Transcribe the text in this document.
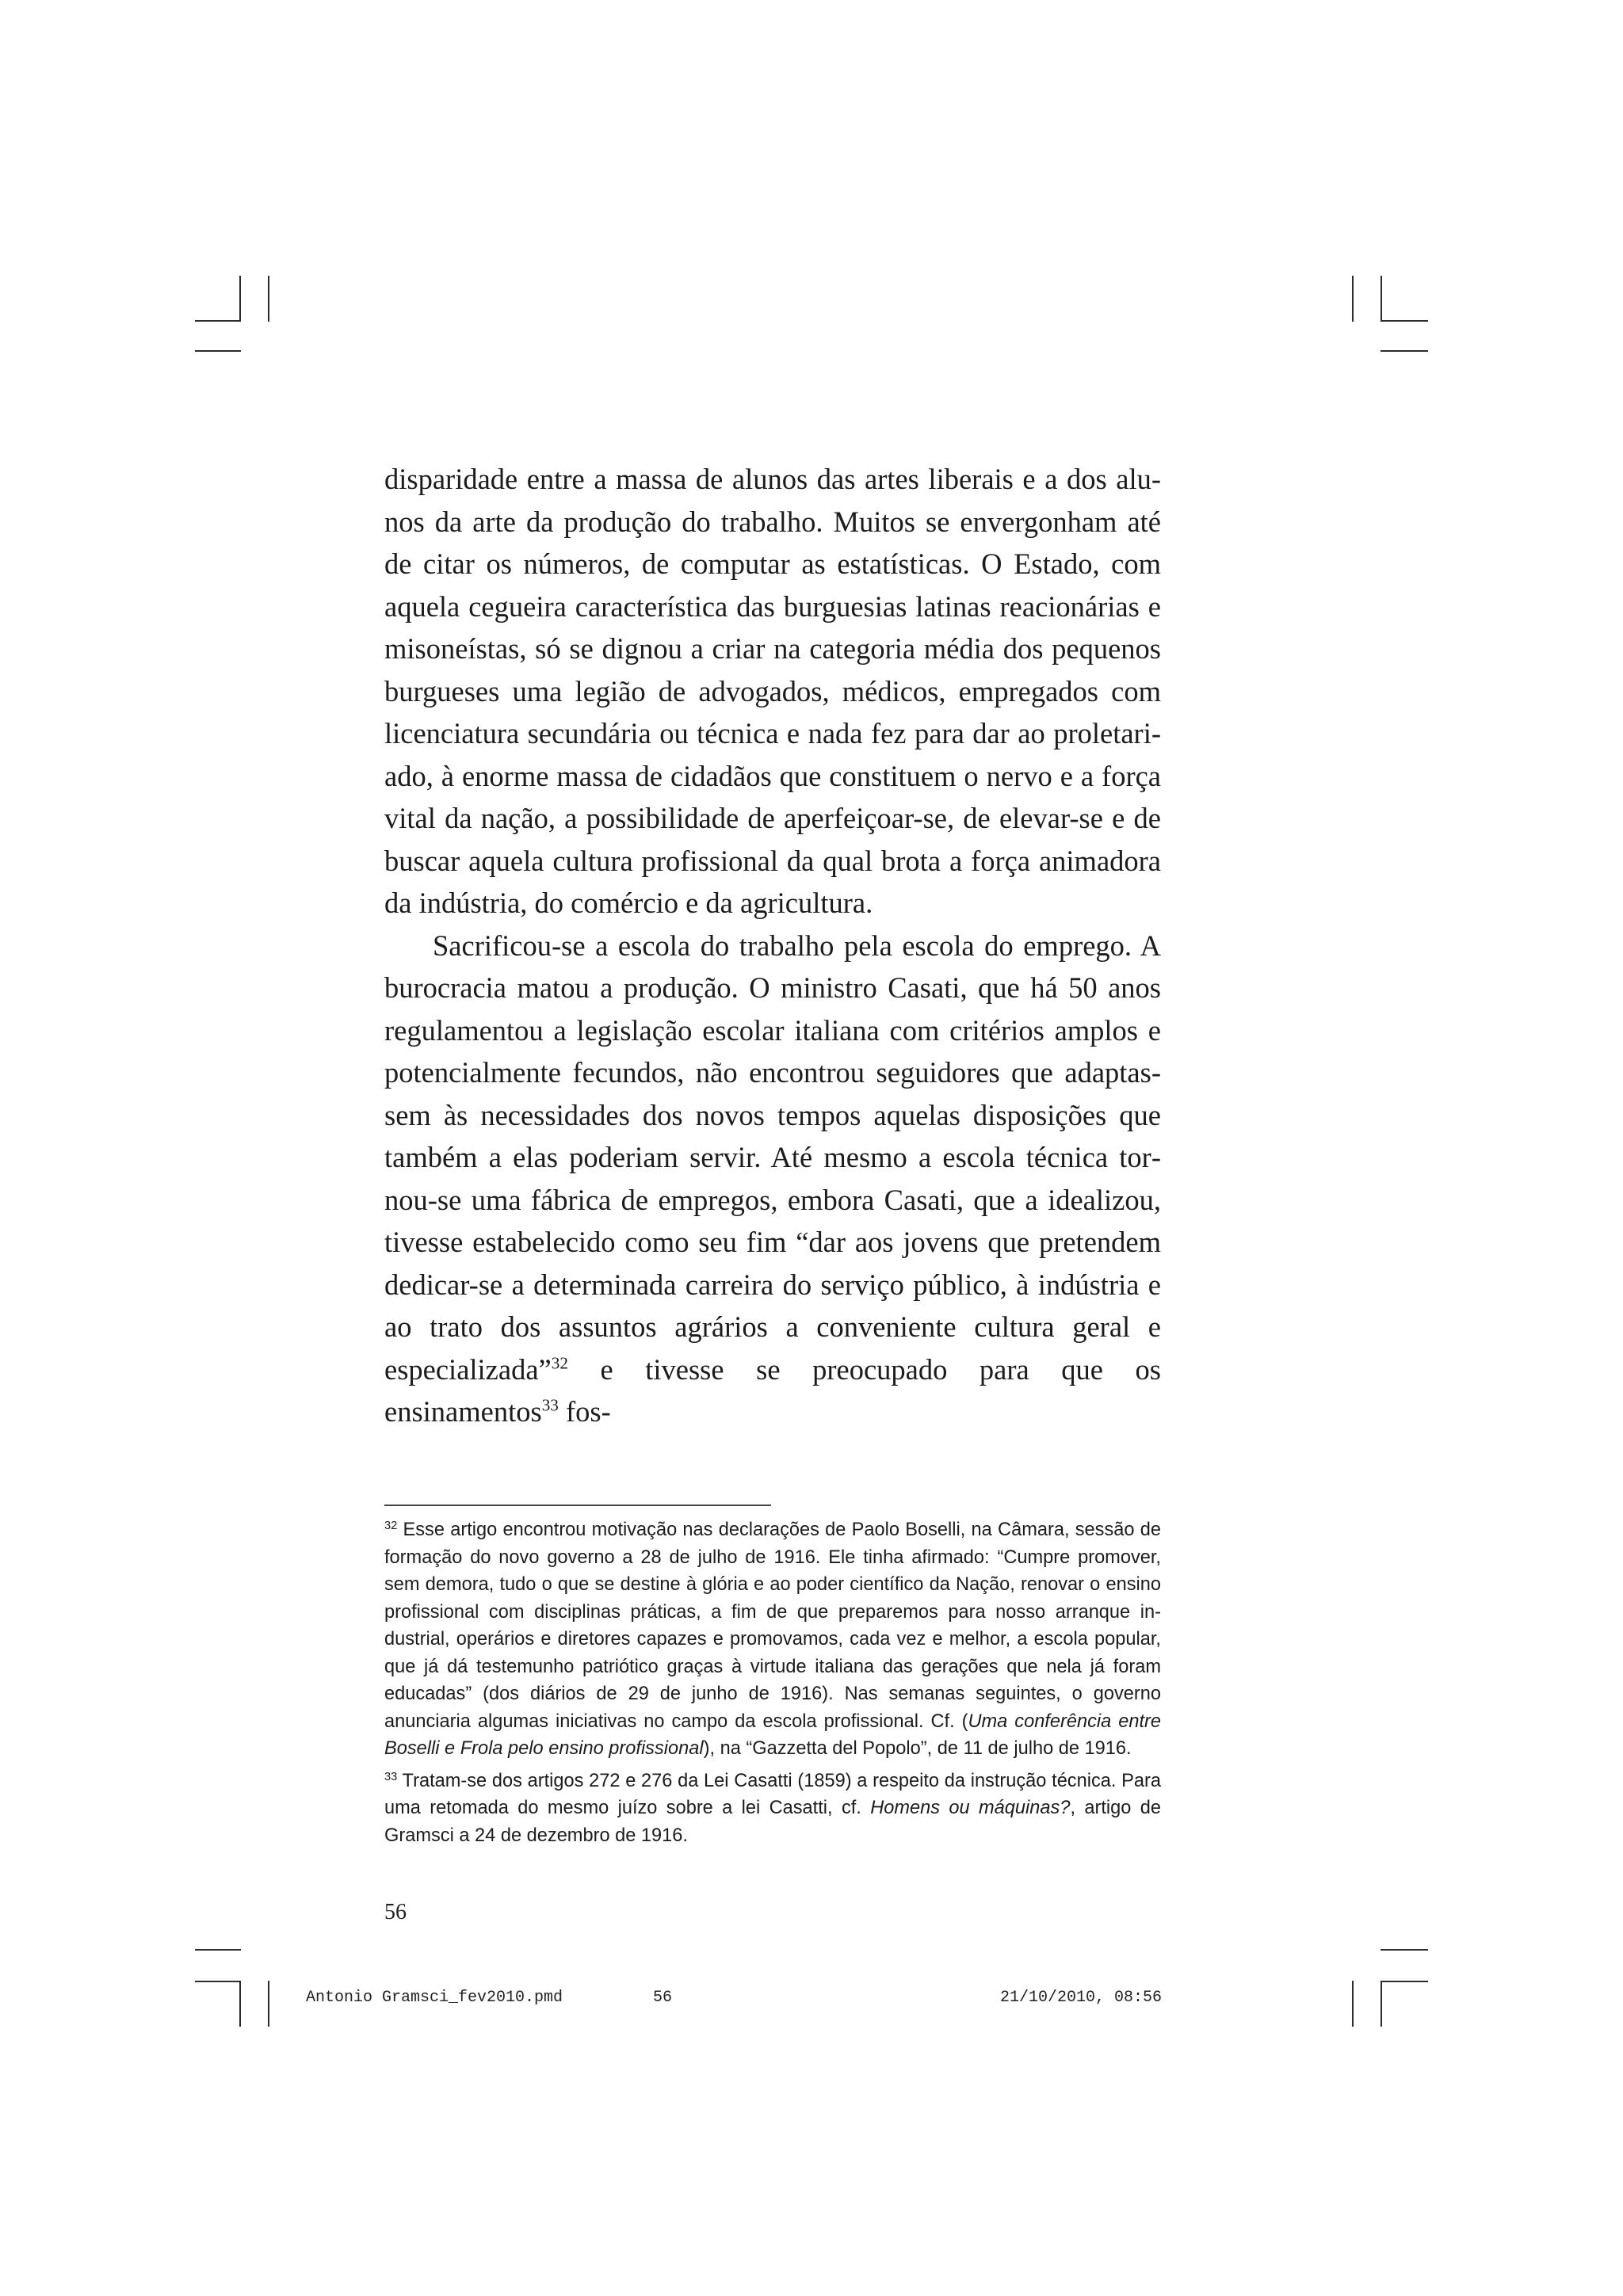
disparidade entre a massa de alunos das artes liberais e a dos alunos da arte da produção do trabalho. Muitos se envergonham até de citar os números, de computar as estatísticas. O Estado, com aquela cegueira característica das burguesias latinas reacionárias e misoneístas, só se dignou a criar na categoria média dos pequenos burgueses uma legião de advogados, médicos, empregados com licenciatura secundária ou técnica e nada fez para dar ao proletariado, à enorme massa de cidadãos que constituem o nervo e a força vital da nação, a possibilidade de aperfeiçoar-se, de elevar-se e de buscar aquela cultura profissional da qual brota a força animadora da indústria, do comércio e da agricultura.

Sacrificou-se a escola do trabalho pela escola do emprego. A burocracia matou a produção. O ministro Casati, que há 50 anos regulamentou a legislação escolar italiana com critérios amplos e potencialmente fecundos, não encontrou seguidores que adaptassem às necessidades dos novos tempos aquelas disposições que também a elas poderiam servir. Até mesmo a escola técnica tornou-se uma fábrica de empregos, embora Casati, que a idealizou, tivesse estabelecido como seu fim “dar aos jovens que pretendem dedicar-se a determinada carreira do serviço público, à indústria e ao trato dos assuntos agrários a conveniente cultura geral e especializada”$^{32}$ e tivesse se preocupado para que os ensinamentos$^{33}$ fos-

$^{32}$ Esse artigo encontrou motivação nas declarações de Paolo Boselli, na Câmara, sessão de formação do novo governo a 28 de julho de 1916. Ele tinha afirmado: “Cumpre promover, sem demora, tudo o que se destine à glória e ao poder científico da Nação, renovar o ensino profissional com disciplinas práticas, a fim de que preparemos para nosso arranque industrial, operários e diretores capazes e promovamos, cada vez e melhor, a escola popular, que já dá testemunho patriótico graças à virtude italiana das gerações que nela já foram educadas” (dos diários de 29 de junho de 1916). Nas semanas seguintes, o governo anunciaria algumas iniciativas no campo da escola profissional. Cf. (Uma conferência entre Boselli e Frola pelo ensino profissional), na “Gazzetta del Popolo”, de 11 de julho de 1916.

$^{33}$ Tratam-se dos artigos 272 e 276 da Lei Casatti (1859) a respeito da instrução técnica. Para uma retomada do mesmo juízo sobre a lei Casatti, cf. Homens ou máquinas?, artigo de Gramsci a 24 de dezembro de 1916.

56
Antonio Gramsci_fev2010.pmd	56	21/10/2010, 08:56
